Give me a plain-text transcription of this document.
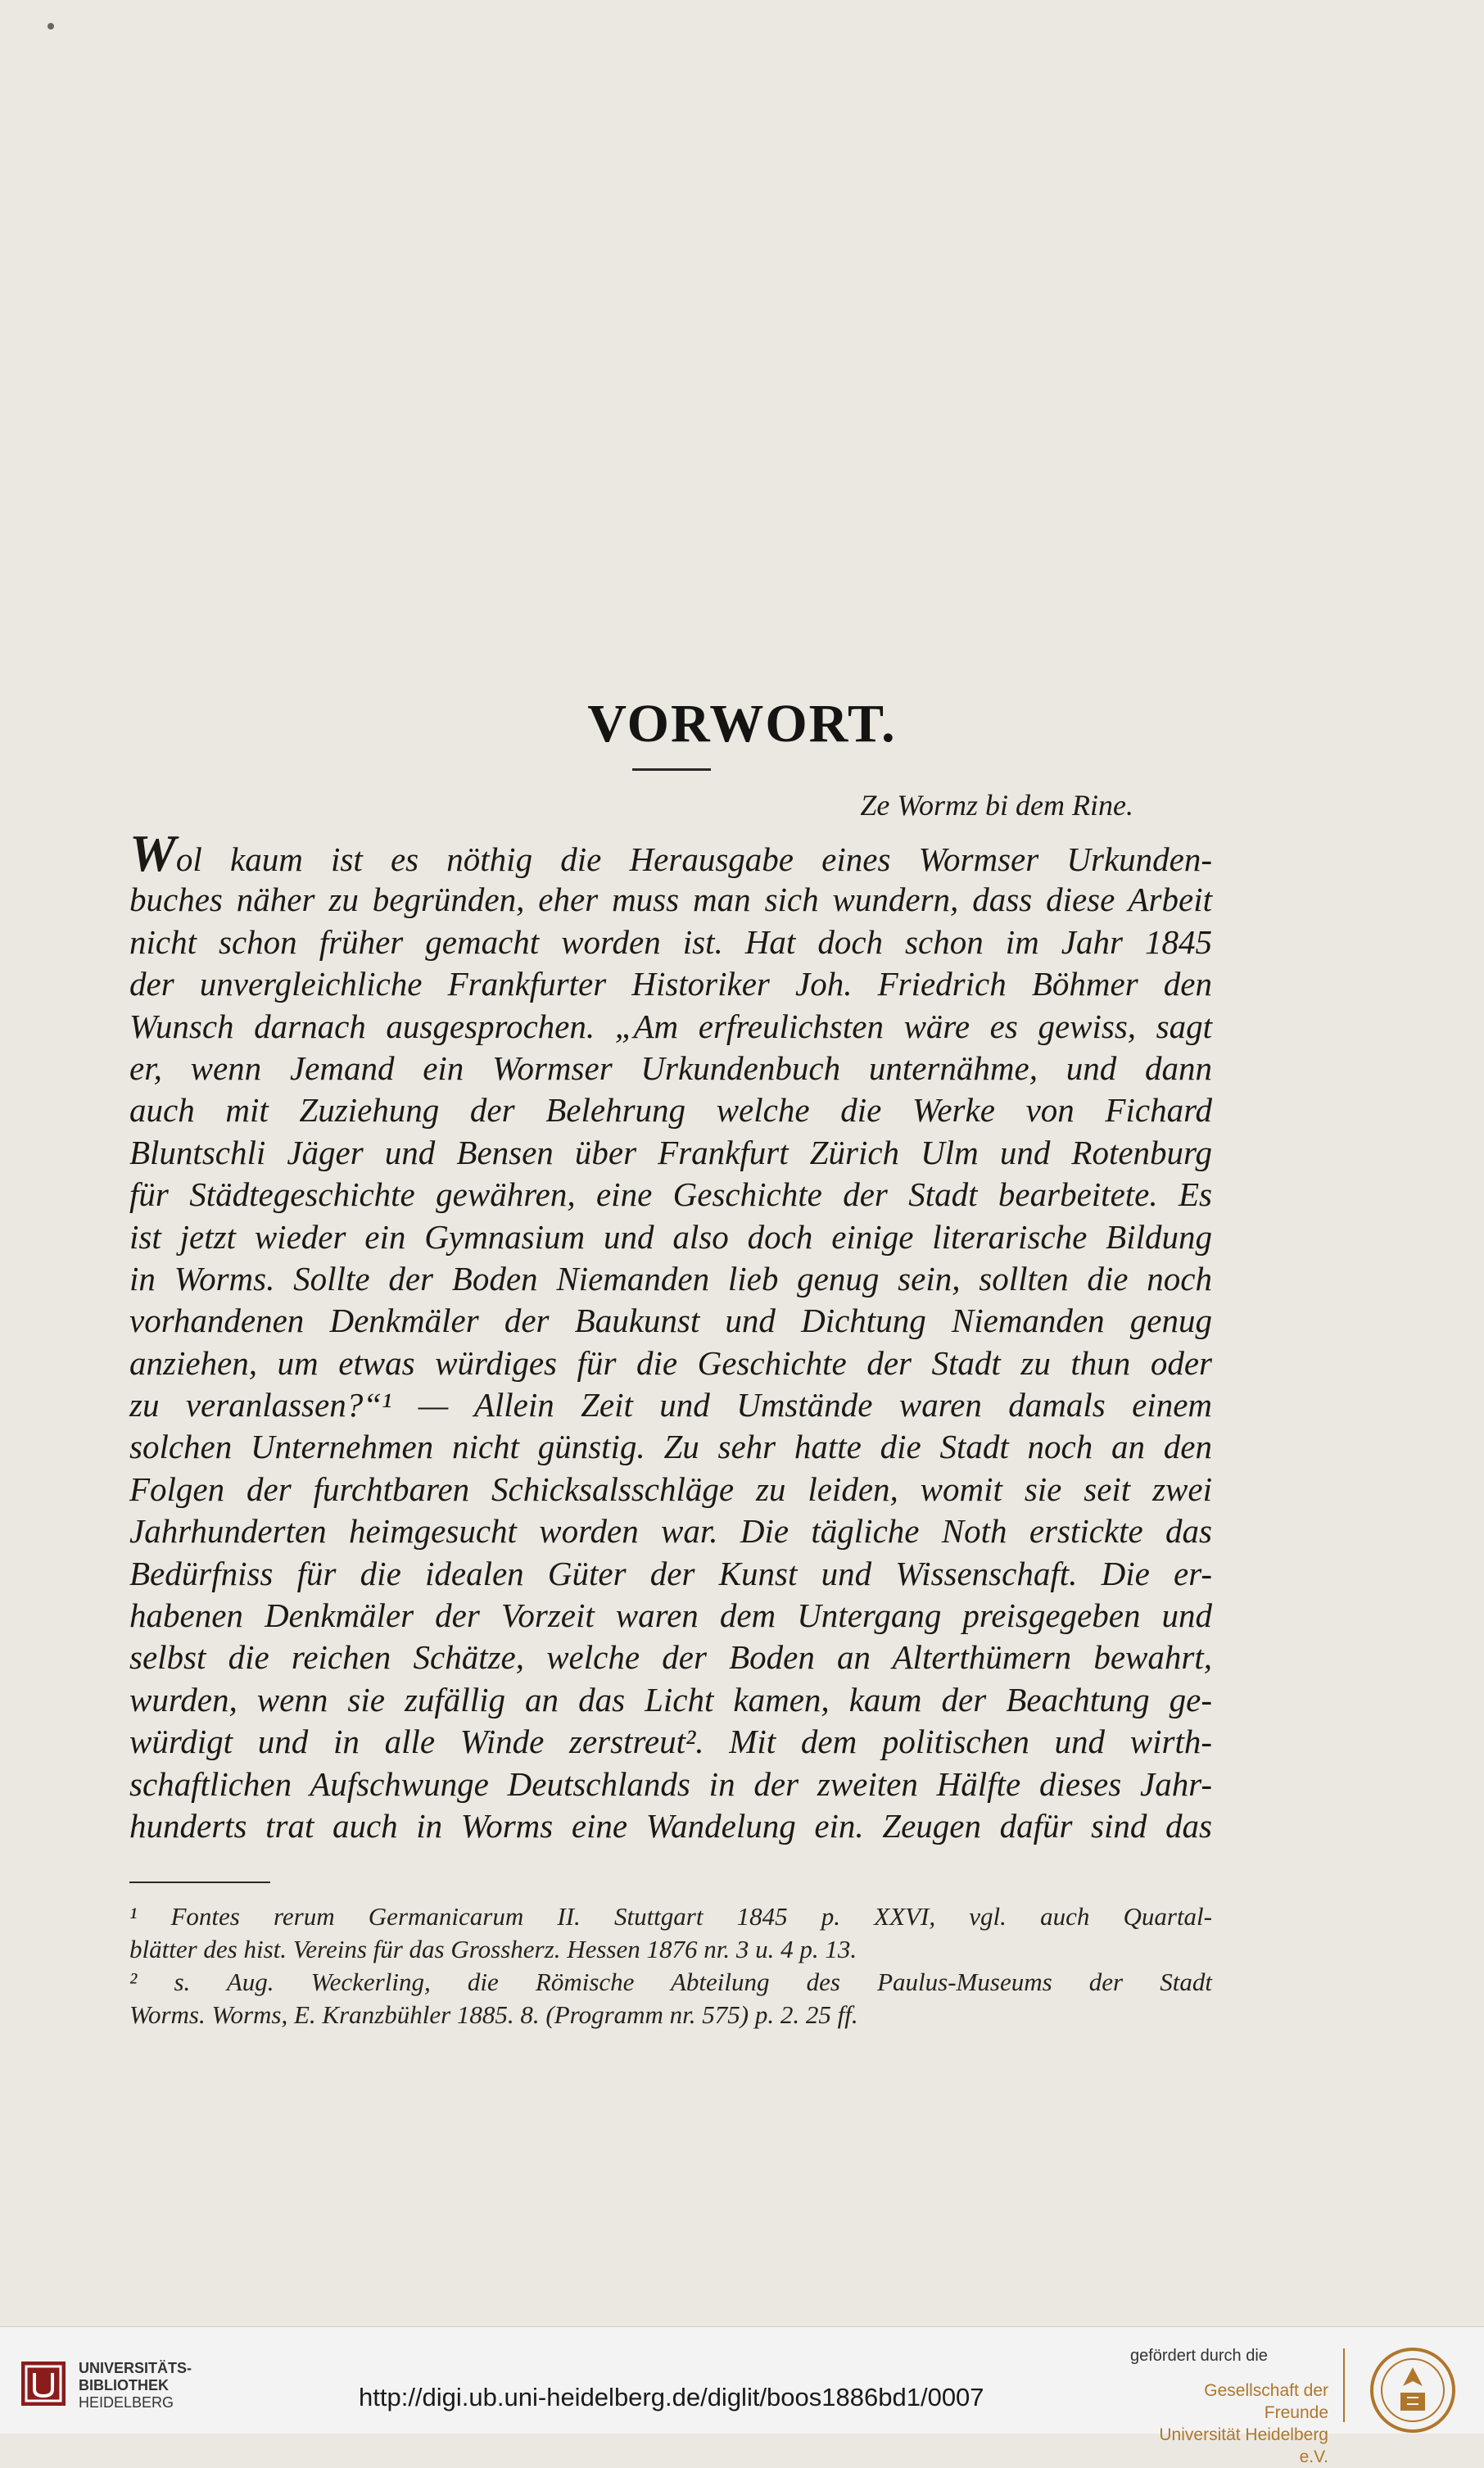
VORWORT.
Ze Wormz bi dem Rine.
Wol kaum ist es nöthig die Herausgabe eines Wormser Urkunden-
buches näher zu begründen, eher muss man sich wundern, dass diese Arbeit
nicht schon früher gemacht worden ist. Hat doch schon im Jahr 1845
der unvergleichliche Frankfurter Historiker Joh. Friedrich Böhmer den
Wunsch darnach ausgesprochen. „Am erfreulichsten wäre es gewiss, sagt
er, wenn Jemand ein Wormser Urkundenbuch unternähme, und dann
auch mit Zuziehung der Belehrung welche die Werke von Fichard
Bluntschli Jäger und Bensen über Frankfurt Zürich Ulm und Rotenburg
für Städtegeschichte gewähren, eine Geschichte der Stadt bearbeitete. Es
ist jetzt wieder ein Gymnasium und also doch einige literarische Bildung
in Worms. Sollte der Boden Niemanden lieb genug sein, sollten die noch
vorhandenen Denkmäler der Baukunst und Dichtung Niemanden genug
anziehen, um etwas würdiges für die Geschichte der Stadt zu thun oder
zu veranlassen?“¹ — Allein Zeit und Umstände waren damals einem
solchen Unternehmen nicht günstig. Zu sehr hatte die Stadt noch an den
Folgen der furchtbaren Schicksalsschläge zu leiden, womit sie seit zwei
Jahrhunderten heimgesucht worden war. Die tägliche Noth erstickte das
Bedürfniss für die idealen Güter der Kunst und Wissenschaft. Die er-
habenen Denkmäler der Vorzeit waren dem Untergang preisgegeben und
selbst die reichen Schätze, welche der Boden an Alterthümern bewahrt,
wurden, wenn sie zufällig an das Licht kamen, kaum der Beachtung ge-
würdigt und in alle Winde zerstreut². Mit dem politischen und wirth-
schaftlichen Aufschwunge Deutschlands in der zweiten Hälfte dieses Jahr-
hunderts trat auch in Worms eine Wandelung ein. Zeugen dafür sind das
¹ Fontes rerum Germanicarum II. Stuttgart 1845 p. XXVI, vgl. auch Quartal-
blätter des hist. Vereins für das Grossherz. Hessen 1876 nr. 3 u. 4 p. 13.
² s. Aug. Weckerling, die Römische Abteilung des Paulus-Museums der Stadt
Worms. Worms, E. Kranzbühler 1885. 8. (Programm nr. 575) p. 2. 25 ff.
UNIVERSITÄTS-
BIBLIOTHEK
HEIDELBERG	http://digi.ub.uni-heidelberg.de/diglit/boos1886bd1/0007
gefördert durch die
Gesellschaft der Freunde
Universität Heidelberg e.V.
